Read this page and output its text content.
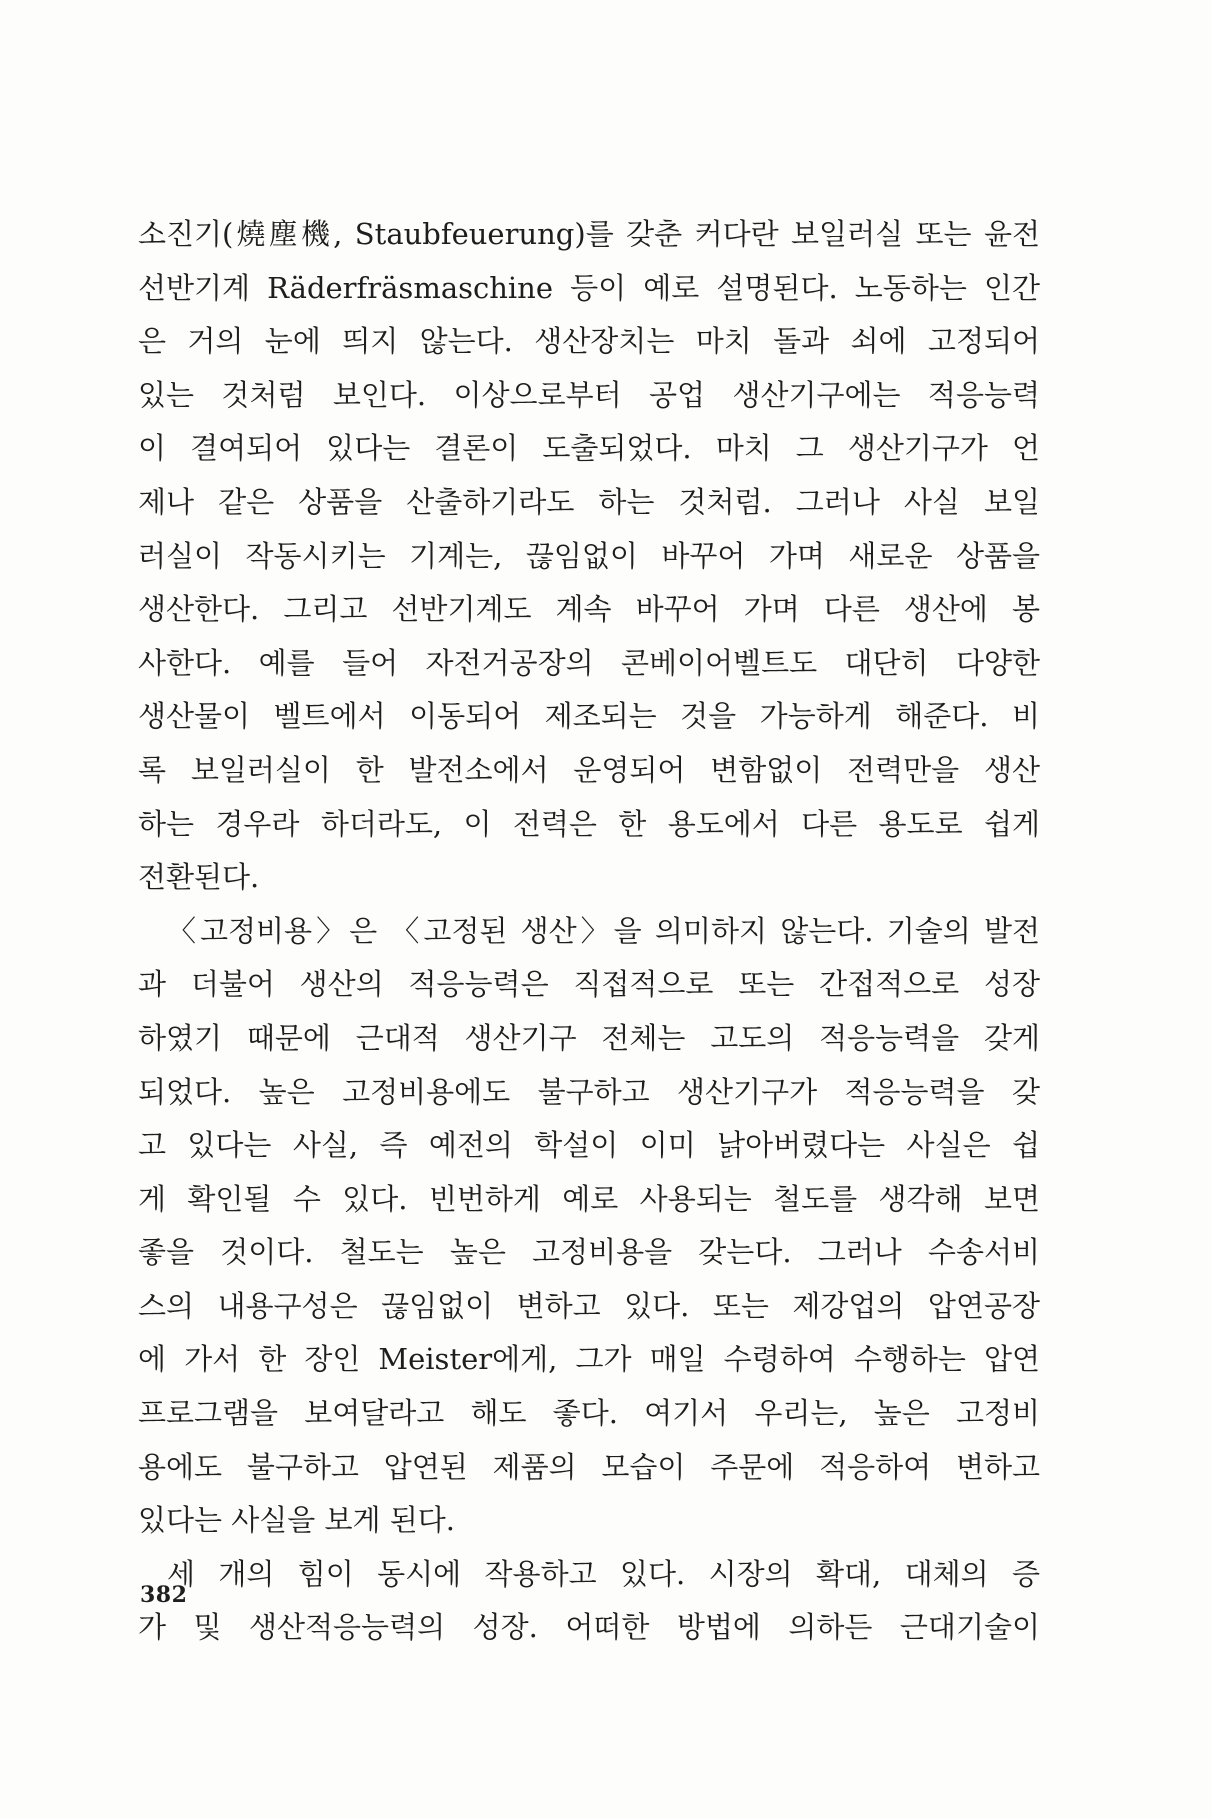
소진기(燒塵機, Staubfeuerung)를 갖춘 커다란 보일러실 또는 윤전
선반기계 Räderfräsmaschine 등이 예로 설명된다. 노동하는 인간
은 거의 눈에 띄지 않는다. 생산장치는 마치 돌과 쇠에 고정되어
있는 것처럼 보인다. 이상으로부터 공업 생산기구에는 적응능력
이 결여되어 있다는 결론이 도출되었다. 마치 그 생산기구가 언
제나 같은 상품을 산출하기라도 하는 것처럼. 그러나 사실 보일
러실이 작동시키는 기계는, 끊임없이 바꾸어 가며 새로운 상품을
생산한다. 그리고 선반기계도 계속 바꾸어 가며 다른 생산에 봉
사한다. 예를 들어 자전거공장의 콘베이어벨트도 대단히 다양한
생산물이 벨트에서 이동되어 제조되는 것을 가능하게 해준다. 비
록 보일러실이 한 발전소에서 운영되어 변함없이 전력만을 생산
하는 경우라 하더라도, 이 전력은 한 용도에서 다른 용도로 쉽게
전환된다.
〈고정비용〉은 〈고정된 생산〉을 의미하지 않는다. 기술의 발전
과 더불어 생산의 적응능력은 직접적으로 또는 간접적으로 성장
하였기 때문에 근대적 생산기구 전체는 고도의 적응능력을 갖게
되었다. 높은 고정비용에도 불구하고 생산기구가 적응능력을 갖
고 있다는 사실, 즉 예전의 학설이 이미 낡아버렸다는 사실은 쉽
게 확인될 수 있다. 빈번하게 예로 사용되는 철도를 생각해 보면
좋을 것이다. 철도는 높은 고정비용을 갖는다. 그러나 수송서비
스의 내용구성은 끊임없이 변하고 있다. 또는 제강업의 압연공장
에 가서 한 장인 Meister에게, 그가 매일 수령하여 수행하는 압연
프로그램을 보여달라고 해도 좋다. 여기서 우리는, 높은 고정비
용에도 불구하고 압연된 제품의 모습이 주문에 적응하여 변하고
있다는 사실을 보게 된다.
세 개의 힘이 동시에 작용하고 있다. 시장의 확대, 대체의 증
가 및 생산적응능력의 성장. 어떠한 방법에 의하든 근대기술이
382
